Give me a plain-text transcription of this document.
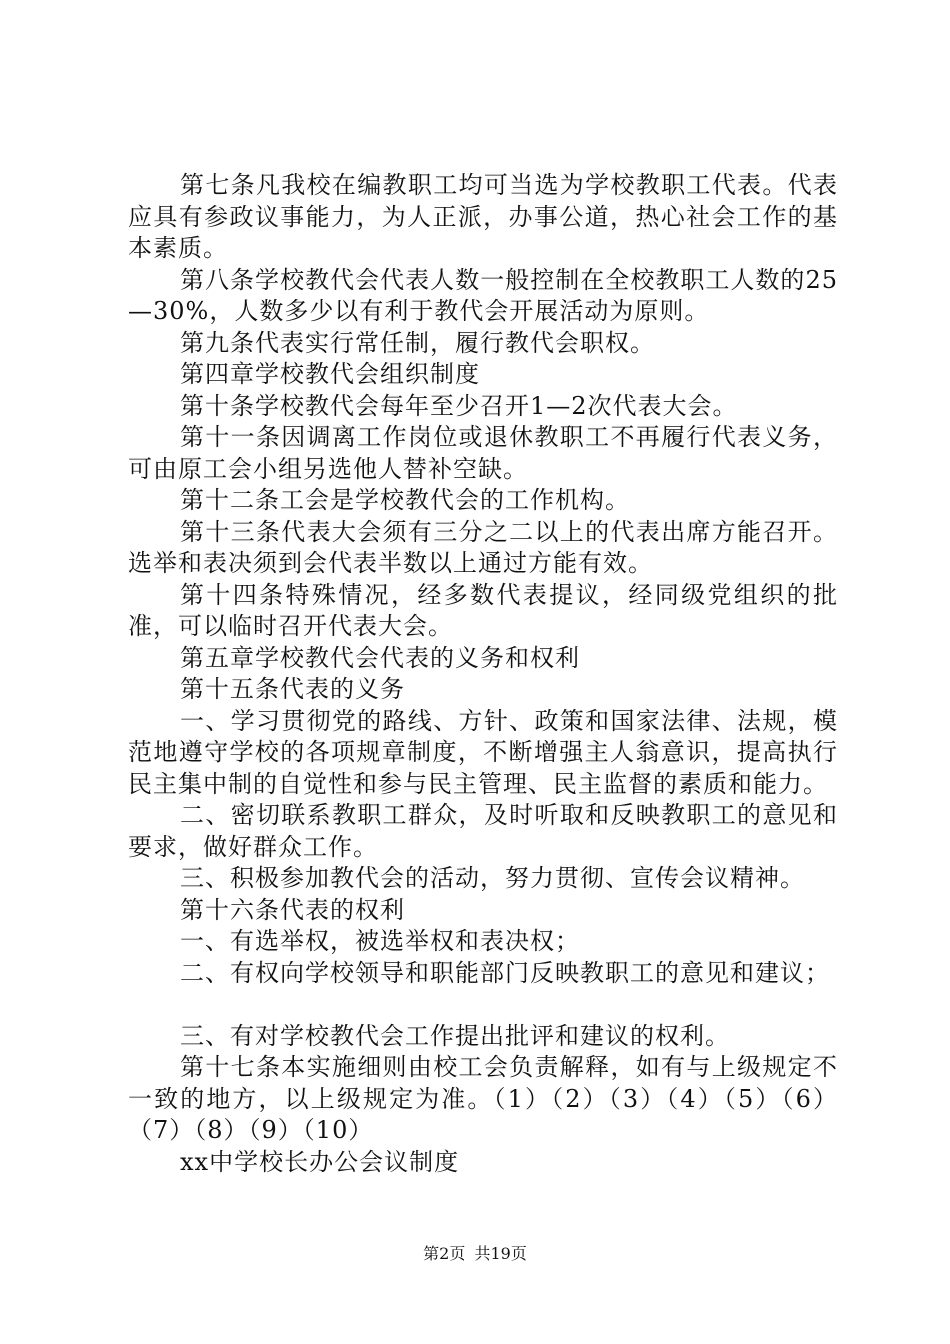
第七条凡我校在编教职工均可当选为学校教职工代表。代表应具有参政议事能力，为人正派，办事公道，热心社会工作的基本素质。

第八条学校教代会代表人数一般控制在全校教职工人数的25—30%，人数多少以有利于教代会开展活动为原则。

第九条代表实行常任制，履行教代会职权。

第四章学校教代会组织制度

第十条学校教代会每年至少召开1—2次代表大会。

第十一条因调离工作岗位或退休教职工不再履行代表义务，可由原工会小组另选他人替补空缺。

第十二条工会是学校教代会的工作机构。

第十三条代表大会须有三分之二以上的代表出席方能召开。选举和表决须到会代表半数以上通过方能有效。

第十四条特殊情况，经多数代表提议，经同级党组织的批准，可以临时召开代表大会。

第五章学校教代会代表的义务和权利

第十五条代表的义务

一、学习贯彻党的路线、方针、政策和国家法律、法规，模范地遵守学校的各项规章制度，不断增强主人翁意识，提高执行民主集中制的自觉性和参与民主管理、民主监督的素质和能力。

二、密切联系教职工群众，及时听取和反映教职工的意见和要求，做好群众工作。

三、积极参加教代会的活动，努力贯彻、宣传会议精神。

第十六条代表的权利

一、有选举权，被选举权和表决权；

二、有权向学校领导和职能部门反映教职工的意见和建议；

三、有对学校教代会工作提出批评和建议的权利。

第十七条本实施细则由校工会负责解释，如有与上级规定不一致的地方，以上级规定为准。（1）（2）（3）（4）（5）（6）（7）（8）（9）（10）

xx中学校长办公会议制度

第2页 共19页
